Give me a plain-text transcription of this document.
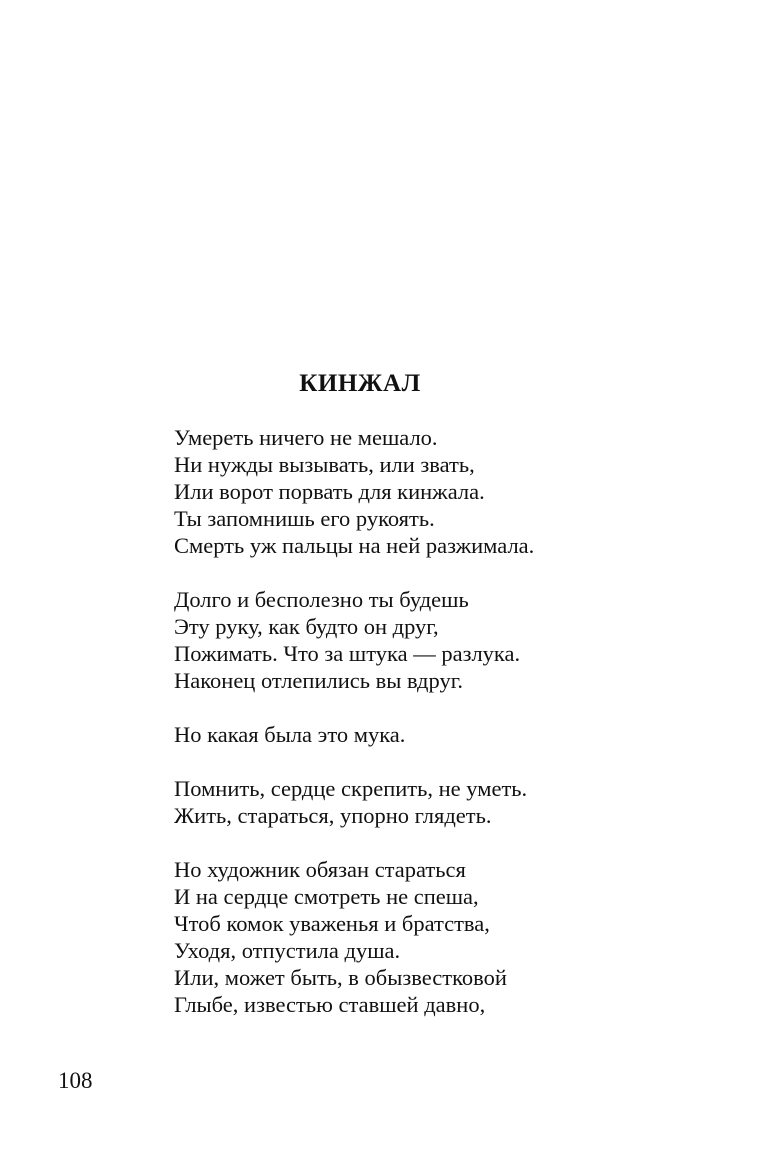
КИНЖАЛ
Умереть ничего не мешало.
Ни нужды вызывать, или звать,
Или ворот порвать для кинжала.
Ты запомнишь его рукоять.
Смерть уж пальцы на ней разжимала.
Долго и бесполезно ты будешь
Эту руку, как будто он друг,
Пожимать. Что за штука — разлука.
Наконец отлепились вы вдруг.
Но какая была это мука.
Помнить, сердце скрепить, не уметь.
Жить, стараться, упорно глядеть.
Но художник обязан стараться
И на сердце смотреть не спеша,
Чтоб комок уваженья и братства,
Уходя, отпустила душа.
Или, может быть, в обызвестковой
Глыбе, известью ставшей давно,

108
